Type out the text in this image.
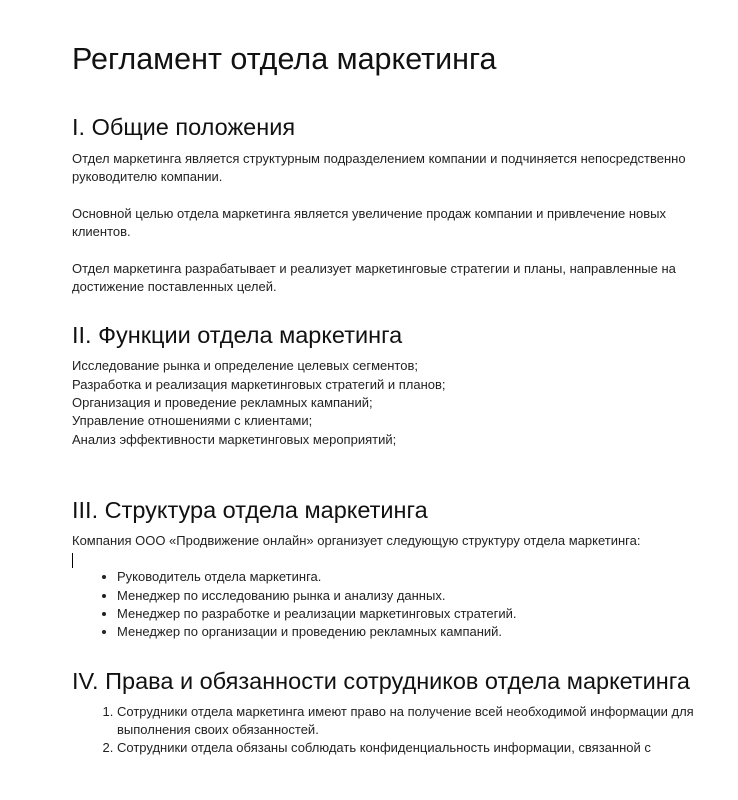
Регламент отдела маркетинга
I. Общие положения

Отдел маркетинга является структурным подразделением компании и подчиняется непосредственно руководителю компании.

Основной целью отдела маркетинга является увеличение продаж компании и привлечение новых клиентов.

Отдел маркетинга разрабатывает и реализует маркетинговые стратегии и планы, направленные на достижение поставленных целей.

II. Функции отдела маркетинга
Исследование рынка и определение целевых сегментов;
Разработка и реализация маркетинговых стратегий и планов;
Организация и проведение рекламных кампаний;
Управление отношениями с клиентами;
Анализ эффективности маркетинговых мероприятий;
III. Структура отдела маркетинга

Компания ООО «Продвижение онлайн» организует следующую структуру отдела маркетинга:

• Руководитель отдела маркетинга.
• Менеджер по исследованию рынка и анализу данных.
• Менеджер по разработке и реализации маркетинговых стратегий.
• Менеджер по организации и проведению рекламных кампаний.
IV. Права и обязанности сотрудников отдела маркетинга
1. Сотрудники отдела маркетинга имеют право на получение всей необходимой информации для выполнения своих обязанностей.
2. Сотрудники отдела обязаны соблюдать конфиденциальность информации, связанной с
